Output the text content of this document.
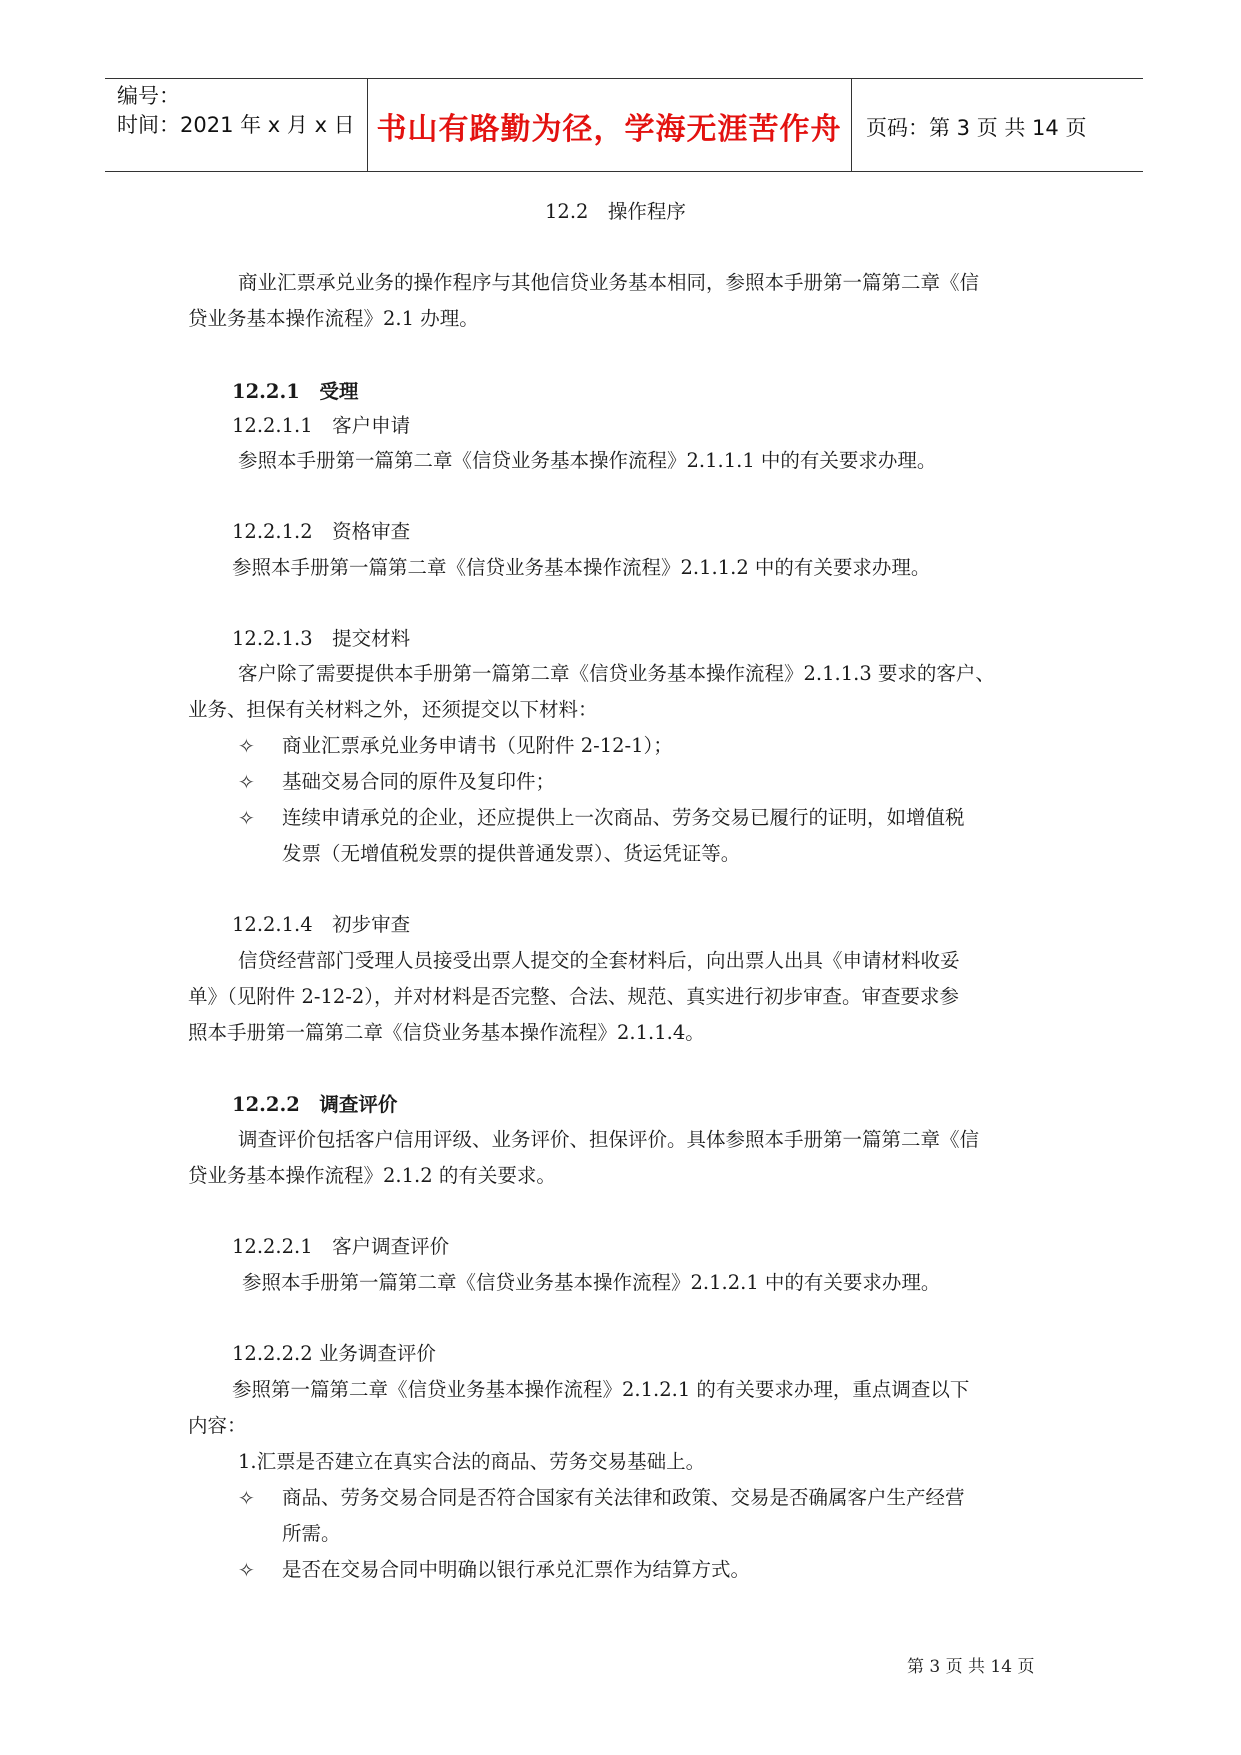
编号：
时间：2021 年 x 月 x 日 书山有路勤为径，学海无涯苦作舟 页码：第 3 页 共 14 页
12.2　操作程序
商业汇票承兑业务的操作程序与其他信贷业务基本相同，参照本手册第一篇第二章《信
贷业务基本操作流程》2.1 办理。
12.2.1　受理
12.2.1.1　客户申请
参照本手册第一篇第二章《信贷业务基本操作流程》2.1.1.1 中的有关要求办理。
12.2.1.2　资格审查
参照本手册第一篇第二章《信贷业务基本操作流程》2.1.1.2 中的有关要求办理。
12.2.1.3　提交材料
客户除了需要提供本手册第一篇第二章《信贷业务基本操作流程》2.1.1.3 要求的客户、
业务、担保有关材料之外，还须提交以下材料：
✧ 商业汇票承兑业务申请书（见附件 2-12-1）；
✧ 基础交易合同的原件及复印件；
✧ 连续申请承兑的企业，还应提供上一次商品、劳务交易已履行的证明，如增值税
发票（无增值税发票的提供普通发票）、货运凭证等。
12.2.1.4　初步审查
信贷经营部门受理人员接受出票人提交的全套材料后，向出票人出具《申请材料收妥
单》（见附件 2-12-2），并对材料是否完整、合法、规范、真实进行初步审查。审查要求参
照本手册第一篇第二章《信贷业务基本操作流程》2.1.1.4。
12.2.2　调查评价
调查评价包括客户信用评级、业务评价、担保评价。具体参照本手册第一篇第二章《信
贷业务基本操作流程》2.1.2 的有关要求。
12.2.2.1　客户调查评价
参照本手册第一篇第二章《信贷业务基本操作流程》2.1.2.1 中的有关要求办理。
12.2.2.2 业务调查评价
参照第一篇第二章《信贷业务基本操作流程》2.1.2.1 的有关要求办理，重点调查以下
内容：
1.汇票是否建立在真实合法的商品、劳务交易基础上。
✧ 商品、劳务交易合同是否符合国家有关法律和政策、交易是否确属客户生产经营
所需。
✧ 是否在交易合同中明确以银行承兑汇票作为结算方式。
第 3 页 共 14 页
